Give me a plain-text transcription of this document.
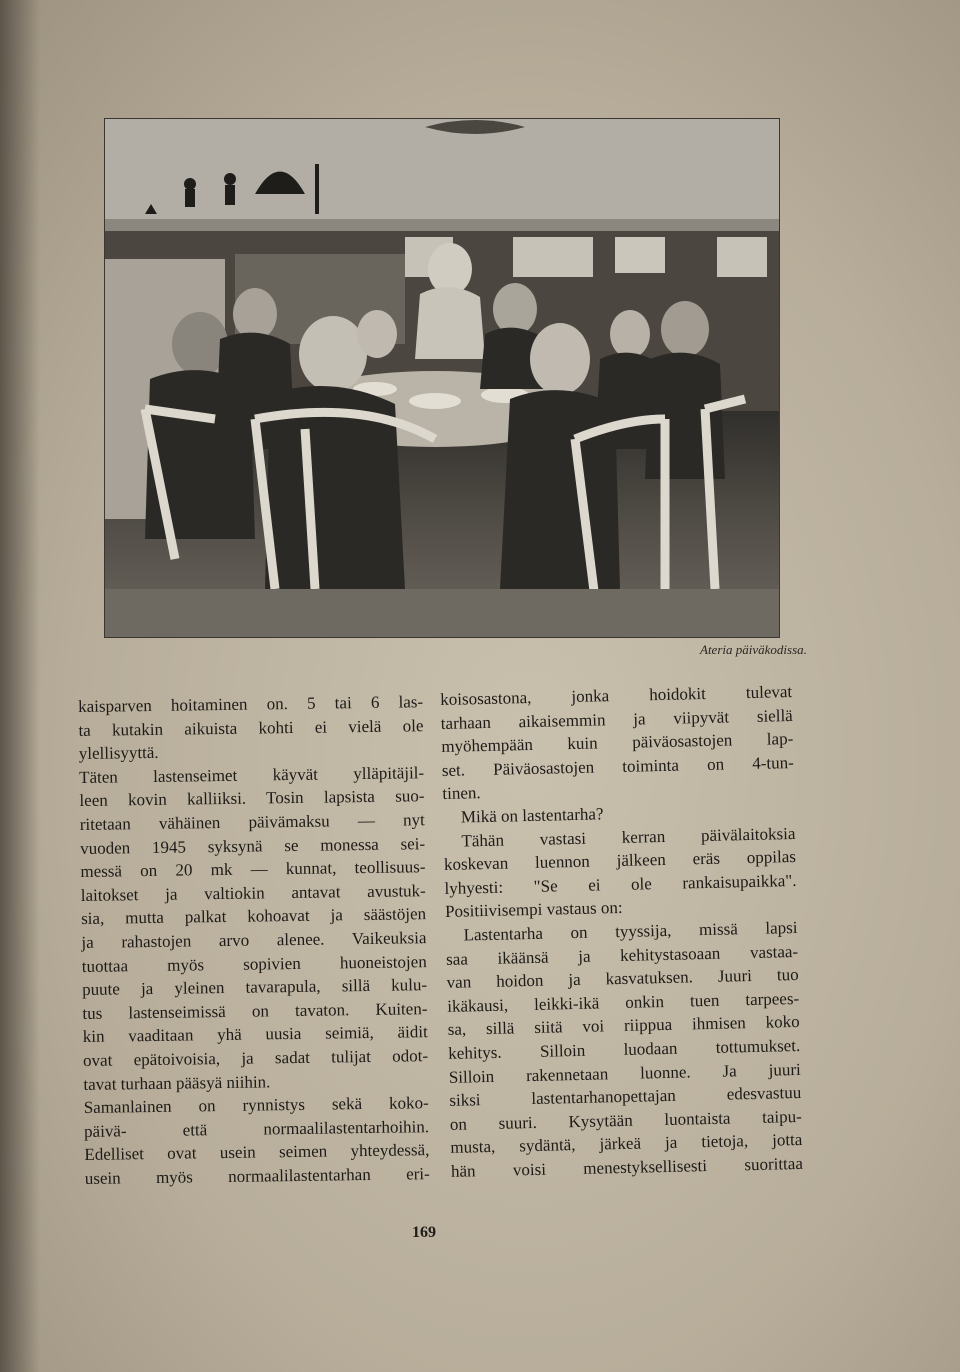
Ateria päiväkodissa.
kaisparven hoitaminen on. 5 tai 6 las-
ta kutakin aikuista kohti ei vielä ole
ylellisyyttä.
Täten lastenseimet käyvät ylläpitäjil-
leen kovin kalliiksi. Tosin lapsista suo-
ritetaan vähäinen päivämaksu — nyt
vuoden 1945 syksynä se monessa sei-
messä on 20 mk — kunnat, teollisuus-
laitokset ja valtiokin antavat avustuk-
sia, mutta palkat kohoavat ja säästöjen
ja rahastojen arvo alenee. Vaikeuksia
tuottaa myös sopivien huoneistojen
puute ja yleinen tavarapula, sillä kulu-
tus lastenseimissä on tavaton. Kuiten-
kin vaaditaan yhä uusia seimiä, äidit
ovat epätoivoisia, ja sadat tulijat odot-
tavat turhaan pääsyä niihin.
Samanlainen on rynnistys sekä koko-
päivä- että normaalilastentarhoihin.
Edelliset ovat usein seimen yhteydessä,
usein myös normaalilastentarhan eri-
koisosastona, jonka hoidokit tulevat
tarhaan aikaisemmin ja viipyvät siellä
myöhempään kuin päiväosastojen lap-
set. Päiväosastojen toiminta on 4-tun-
tinen.
Mikä on lastentarha?
Tähän vastasi kerran päivälaitoksia
koskevan luennon jälkeen eräs oppilas
lyhyesti: "Se ei ole rankaisupaikka".
Positiivisempi vastaus on:
Lastentarha on tyyssija, missä lapsi
saa ikäänsä ja kehitystasoaan vastaa-
van hoidon ja kasvatuksen. Juuri tuo
ikäkausi, leikki-ikä onkin tuen tarpees-
sa, sillä siitä voi riippua ihmisen koko
kehitys. Silloin luodaan tottumukset.
Silloin rakennetaan luonne. Ja juuri
siksi lastentarhanopettajan edesvastuu
on suuri. Kysytään luontaista taipu-
musta, sydäntä, järkeä ja tietoja, jotta
hän voisi menestyksellisesti suorittaa
169
